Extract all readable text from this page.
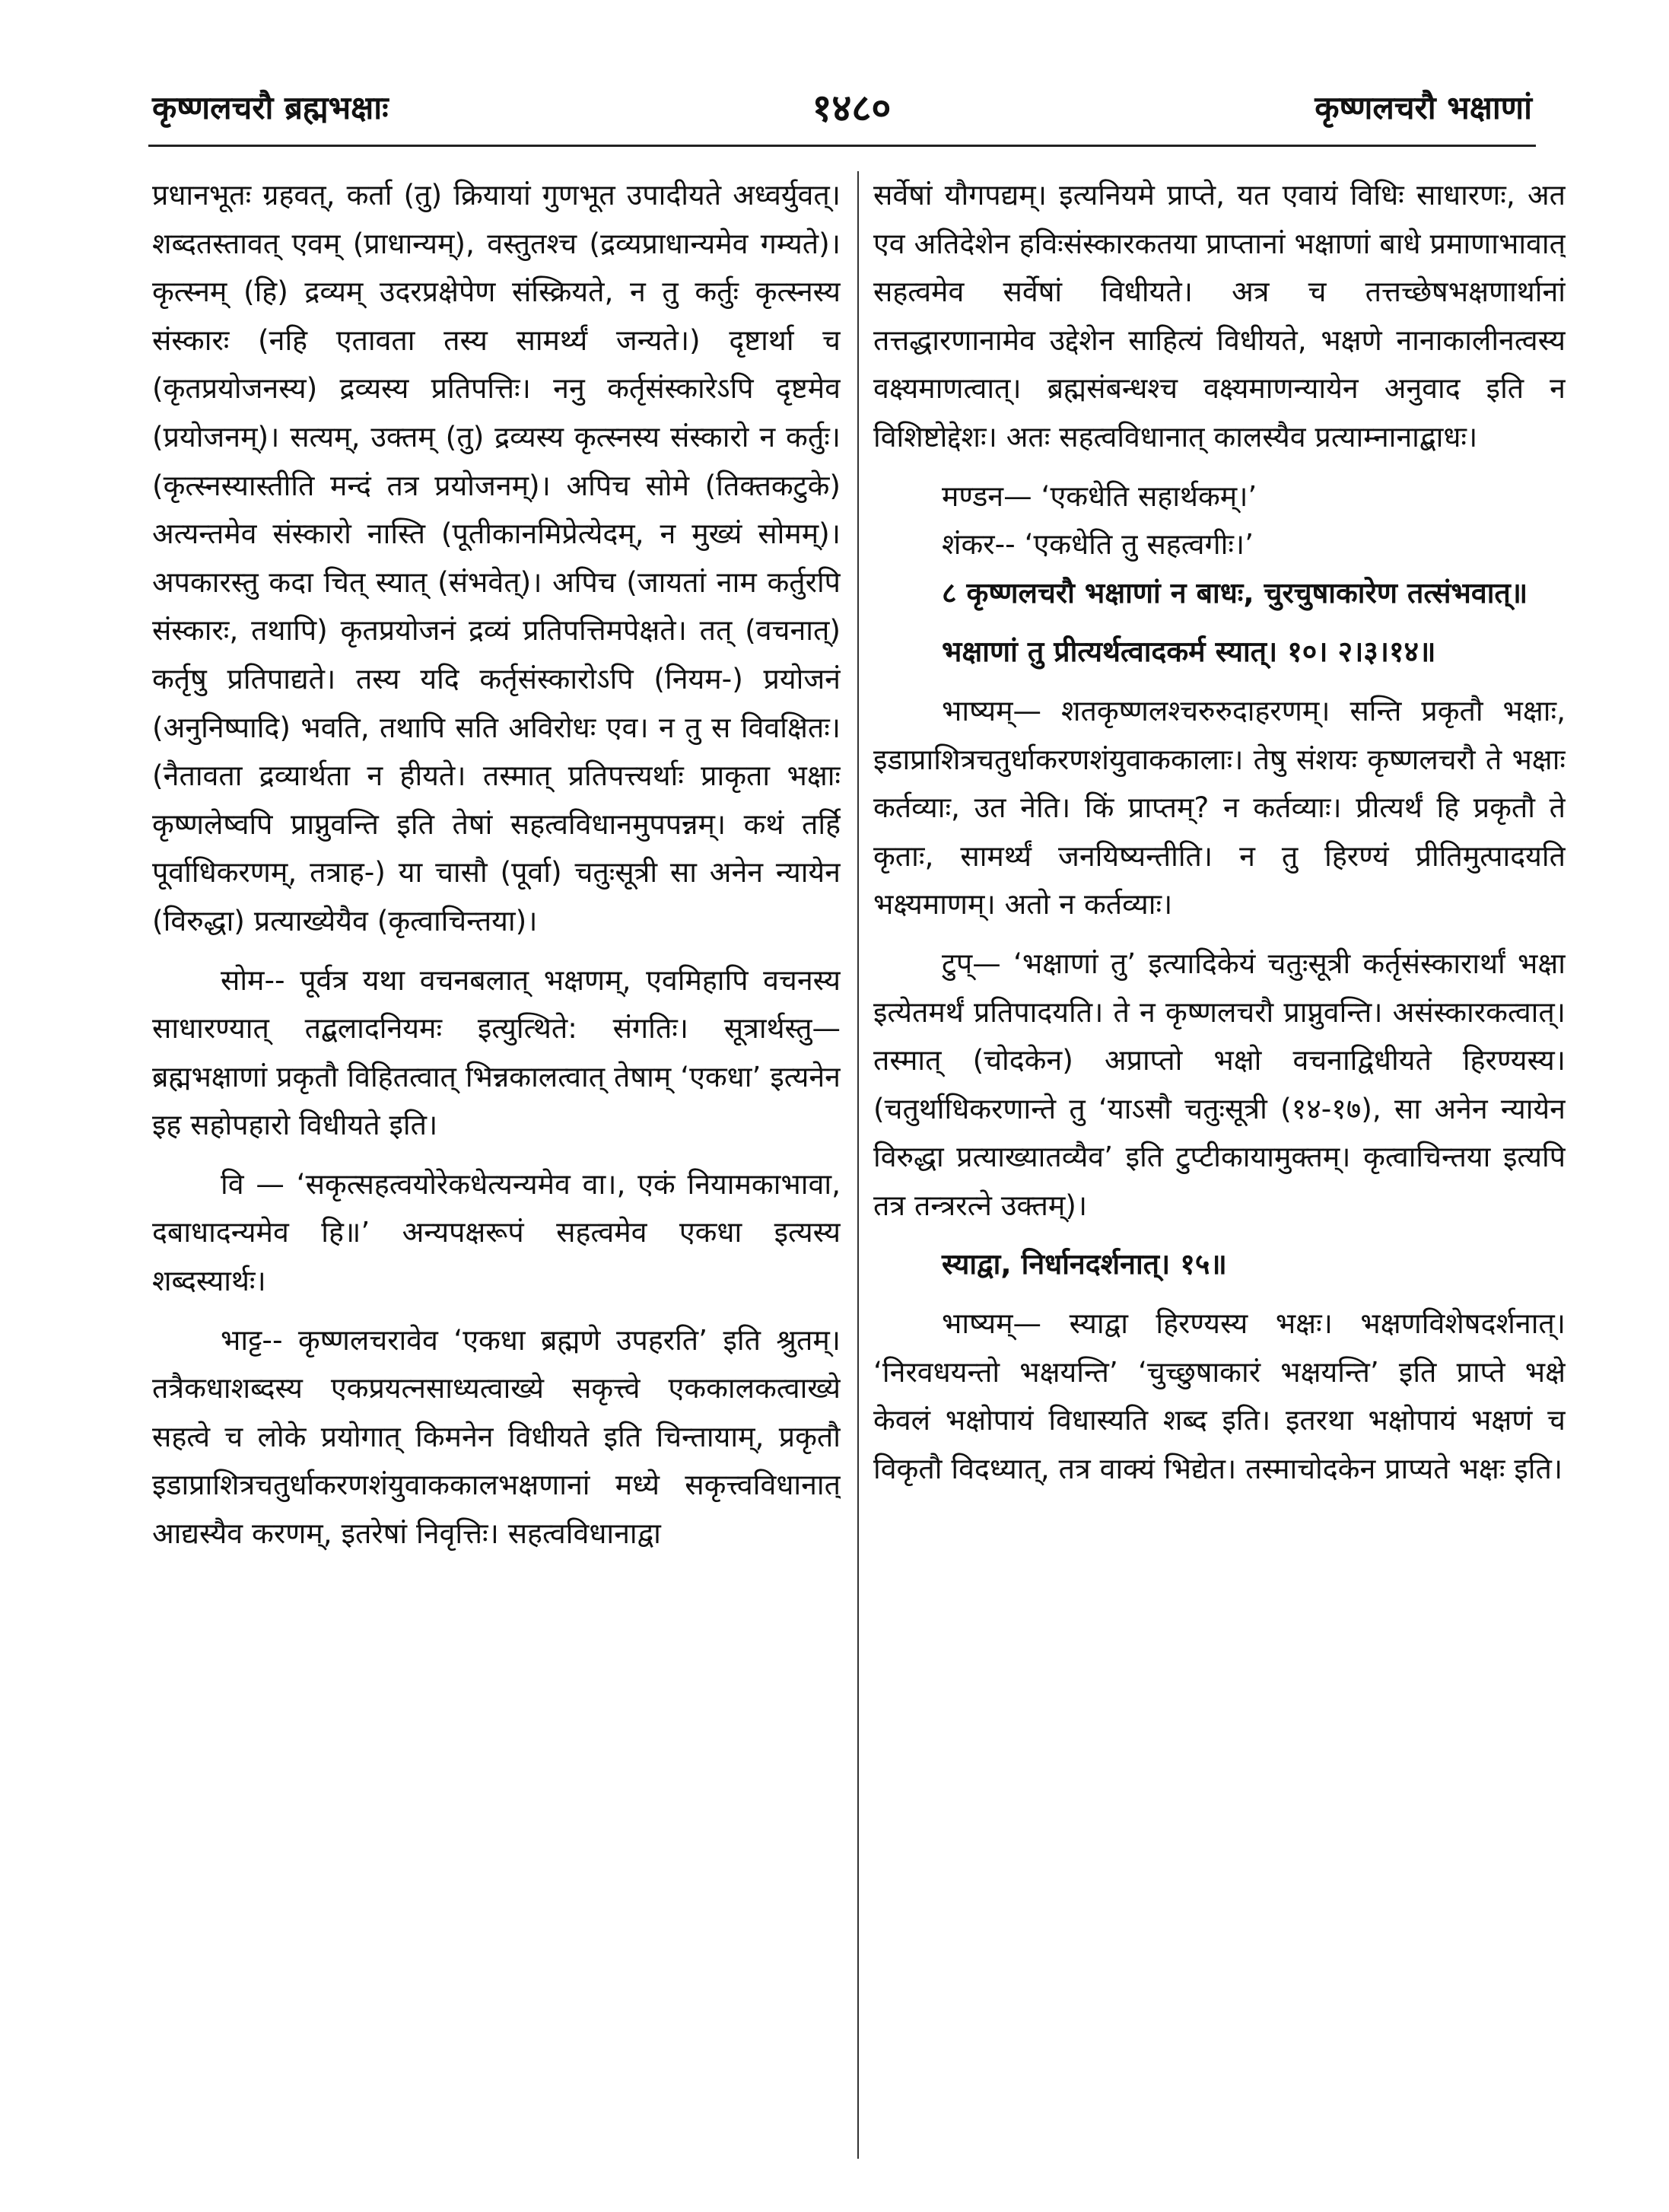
कृष्णलचरौ ब्रह्मभक्षाः	१४८०	कृष्णलचरौ भक्षाणां

प्रधानभूतः ग्रहवत्, कर्ता (तु) क्रियायां गुणभूत उपादीयते अध्वर्युवत्। शब्दतस्तावत् एवम् (प्राधान्यम्), वस्तुतश्च (द्रव्यप्राधान्यमेव गम्यते)। कृत्स्नम् (हि) द्रव्यम् उदरप्रक्षेपेण संस्क्रियते, न तु कर्तुः कृत्स्नस्य संस्कारः (नहि एतावता तस्य सामर्थ्यं जन्यते।) दृष्टार्था च (कृतप्रयोजनस्य) द्रव्यस्य प्रतिपत्तिः। ननु कर्तृसंस्कारेऽपि दृष्टमेव (प्रयोजनम्)। सत्यम्, उक्तम् (तु) द्रव्यस्य कृत्स्नस्य संस्कारो न कर्तुः। (कृत्स्नस्यास्तीति मन्दं तत्र प्रयोजनम्)। अपिच सोमे (तिक्तकटुके) अत्यन्तमेव संस्कारो नास्ति (पूतीकानमिप्रेत्येदम्, न मुख्यं सोमम्)। अपकारस्तु कदा चित् स्यात् (संभवेत्)। अपिच (जायतां नाम कर्तुरपि संस्कारः, तथापि) कृतप्रयोजनं द्रव्यं प्रतिपत्तिमपेक्षते। तत् (वचनात्) कर्तृषु प्रतिपाद्यते। तस्य यदि कर्तृसंस्कारोऽपि (नियम-) प्रयोजनं (अनुनिष्पादि) भवति, तथापि सति अविरोधः एव। न तु स विवक्षितः। (नैतावता द्रव्यार्थता न हीयते। तस्मात् प्रतिपत्त्यर्थाः प्राकृता भक्षाः कृष्णलेष्वपि प्राप्नुवन्ति इति तेषां सहत्वविधानमुपपन्नम्। कथं तर्हि पूर्वाधिकरणम्, तत्राह-) या चासौ (पूर्वा) चतुःसूत्री सा अनेन न्यायेन (विरुद्धा) प्रत्याख्येयैव (कृत्वाचिन्तया)।

सोम-- पूर्वत्र यथा वचनबलात् भक्षणम्, एवमिहापि वचनस्य साधारण्यात् तद्बलादनियमः इत्युत्थिते: संगतिः। सूत्रार्थस्तु— ब्रह्मभक्षाणां प्रकृतौ विहितत्वात् भिन्नकालत्वात् तेषाम् ‘एकधा’ इत्यनेन इह सहोपहारो विधीयते इति।

वि — ‘सकृत्सहत्वयोरेकधेत्यन्यमेव वा।, एकं नियामकाभावा, दबाधादन्यमेव हि॥’ अन्यपक्षरूपं सहत्वमेव एकधा इत्यस्य शब्दस्यार्थः।

भाट्ट-- कृष्णलचरावेव ‘एकधा ब्रह्मणे उपहरति’ इति श्रुतम्। तत्रैकधाशब्दस्य एकप्रयत्नसाध्यत्वाख्ये सकृत्त्वे एककालकत्वाख्ये सहत्वे च लोके प्रयोगात् किमनेन विधीयते इति चिन्तायाम्, प्रकृतौ इडाप्राशित्रचतुर्धाकरणशंयुवाककालभक्षणानां मध्ये सकृत्त्वविधानात् आद्यस्यैव करणम्, इतरेषां निवृत्तिः। सहत्वविधानाद्वा

सर्वेषां यौगपद्यम्। इत्यनियमे प्राप्ते, यत एवायं विधिः साधारणः, अत एव अतिदेशेन हविःसंस्कारकतया प्राप्तानां भक्षाणां बाधे प्रमाणाभावात् सहत्वमेव सर्वेषां विधीयते। अत्र च तत्तच्छेषभक्षणार्थानां तत्तद्धारणानामेव उद्देशेन साहित्यं विधीयते, भक्षणे नानाकालीनत्वस्य वक्ष्यमाणत्वात्। ब्रह्मसंबन्धश्च वक्ष्यमाणन्यायेन अनुवाद इति न विशिष्टोद्देशः। अतः सहत्वविधानात् कालस्यैव प्रत्याम्नानाद्बाधः।

मण्डन— ‘एकधेति सहार्थकम्।’

शंकर-- ‘एकधेति तु सहत्वगीः।’

८ कृष्णलचरौ भक्षाणां न बाधः, चुरचुषाकारेण तत्संभवात्॥

भक्षाणां तु प्रीत्यर्थत्वादकर्म स्यात्। १०। २।३।१४॥

भाष्यम्— शतकृष्णलश्चरुरुदाहरणम्। सन्ति प्रकृतौ भक्षाः, इडाप्राशित्रचतुर्धाकरणशंयुवाककालाः। तेषु संशयः कृष्णलचरौ ते भक्षाः कर्तव्याः, उत नेति। किं प्राप्तम्? न कर्तव्याः। प्रीत्यर्थं हि प्रकृतौ ते कृताः, सामर्थ्यं जनयिष्यन्तीति। न तु हिरण्यं प्रीतिमुत्पादयति भक्ष्यमाणम्। अतो न कर्तव्याः।

टुप्— ‘भक्षाणां तु’ इत्यादिकेयं चतुःसूत्री कर्तृसंस्कारार्थां भक्षा इत्येतमर्थं प्रतिपादयति। ते न कृष्णलचरौ प्राप्नुवन्ति। असंस्कारकत्वात्। तस्मात् (चोदकेन) अप्राप्तो भक्षो वचनाद्विधीयते हिरण्यस्य। (चतुर्थाधिकरणान्ते तु ‘याऽसौ चतुःसूत्री (१४-१७), सा अनेन न्यायेन विरुद्धा प्रत्याख्यातव्यैव’ इति टुप्टीकायामुक्तम्। कृत्वाचिन्तया इत्यपि तत्र तन्त्ररत्ने उक्तम्)।

स्याद्वा, निर्धानदर्शनात्। १५॥

भाष्यम्— स्याद्वा हिरण्यस्य भक्षः। भक्षणविशेषदर्शनात्। ‘निरवधयन्तो भक्षयन्ति’ ‘चुच्छुषाकारं भक्षयन्ति’ इति प्राप्ते भक्षे केवलं भक्षोपायं विधास्यति शब्द इति। इतरथा भक्षोपायं भक्षणं च विकृतौ विदध्यात्, तत्र वाक्यं भिद्येत। तस्माचोदकेन प्राप्यते भक्षः इति।
